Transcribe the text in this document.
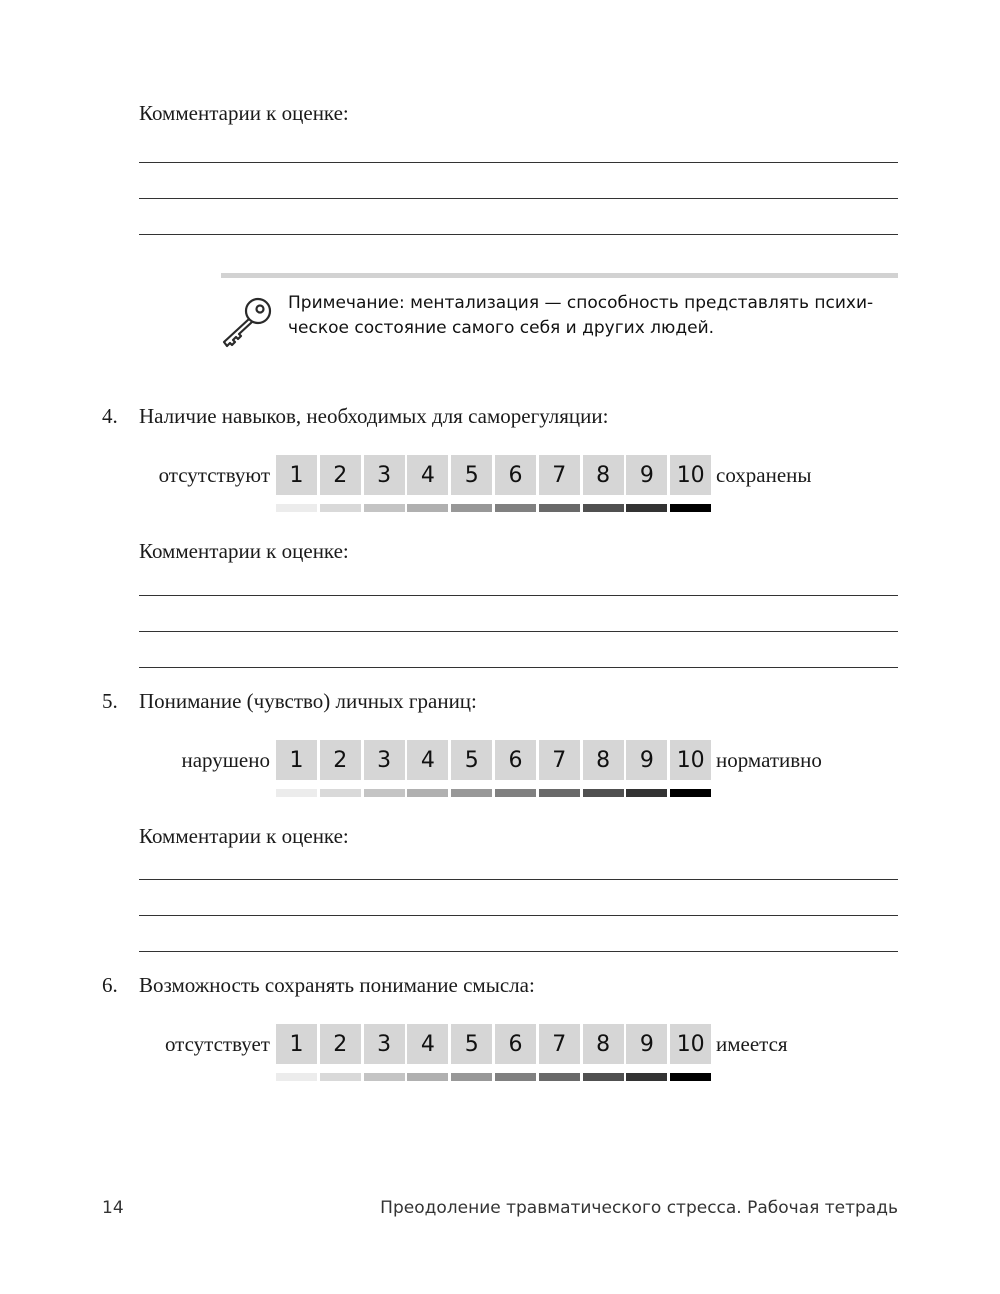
Комментарии к оценке:
Примечание: ментализация — способность представлять психи-
ческое состояние самого себя и других людей.
4.	Наличие навыков, необходимых для саморегуляции:
отсутствуют 1	2	3	4	5	6	7	8	9	10 сохранены
Комментарии к оценке:
5.	Понимание (чувство) личных границ:
нарушено 1	2	3	4	5	6	7	8	9	10 нормативно
Комментарии к оценке:
6.	Возможность сохранять понимание смысла:
отсутствует 1	2	3	4	5	6	7	8	9	10 имеется
14	Преодоление травматического стресса. Рабочая тетрадь
